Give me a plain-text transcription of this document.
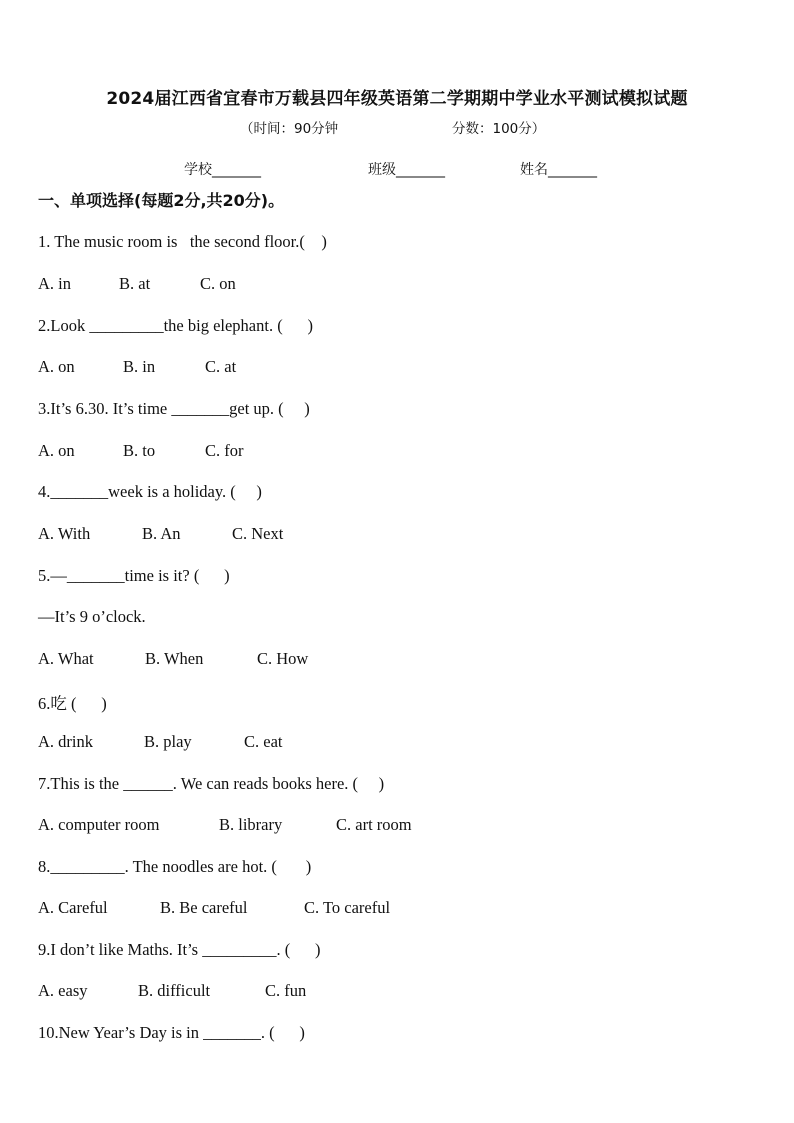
2024届江西省宜春市万载县四年级英语第二学期期中学业水平测试模拟试题
（时间：90分钟	分数：100分）
学校_______	班级_______	姓名_______
一、单项选择(每题2分,共20分)。
1. The music room is   the second floor.(    )
A. in	B. at	C. on
2.Look _________the big elephant. (      )
A. on	B. in	C. at
3.It’s 6.30. It’s time _______get up. (     )
A. on	B. to	C. for
4._______week is a holiday. (     )
A. With	B. An	C. Next
5.—_______time is it? (      )
—It’s 9 o’clock.
A. What	B. When	C. How
6.吃 (      )
A. drink	B. play	C. eat
7.This is the ______. We can reads books here. (     )
A. computer room	B. library	C. art room
8._________. The noodles are hot. (       )
A. Careful	B. Be careful	C. To careful
9.I don’t like Maths. It’s _________. (      )
A. easy	B. difficult	C. fun
10.New Year’s Day is in _______. (      )
